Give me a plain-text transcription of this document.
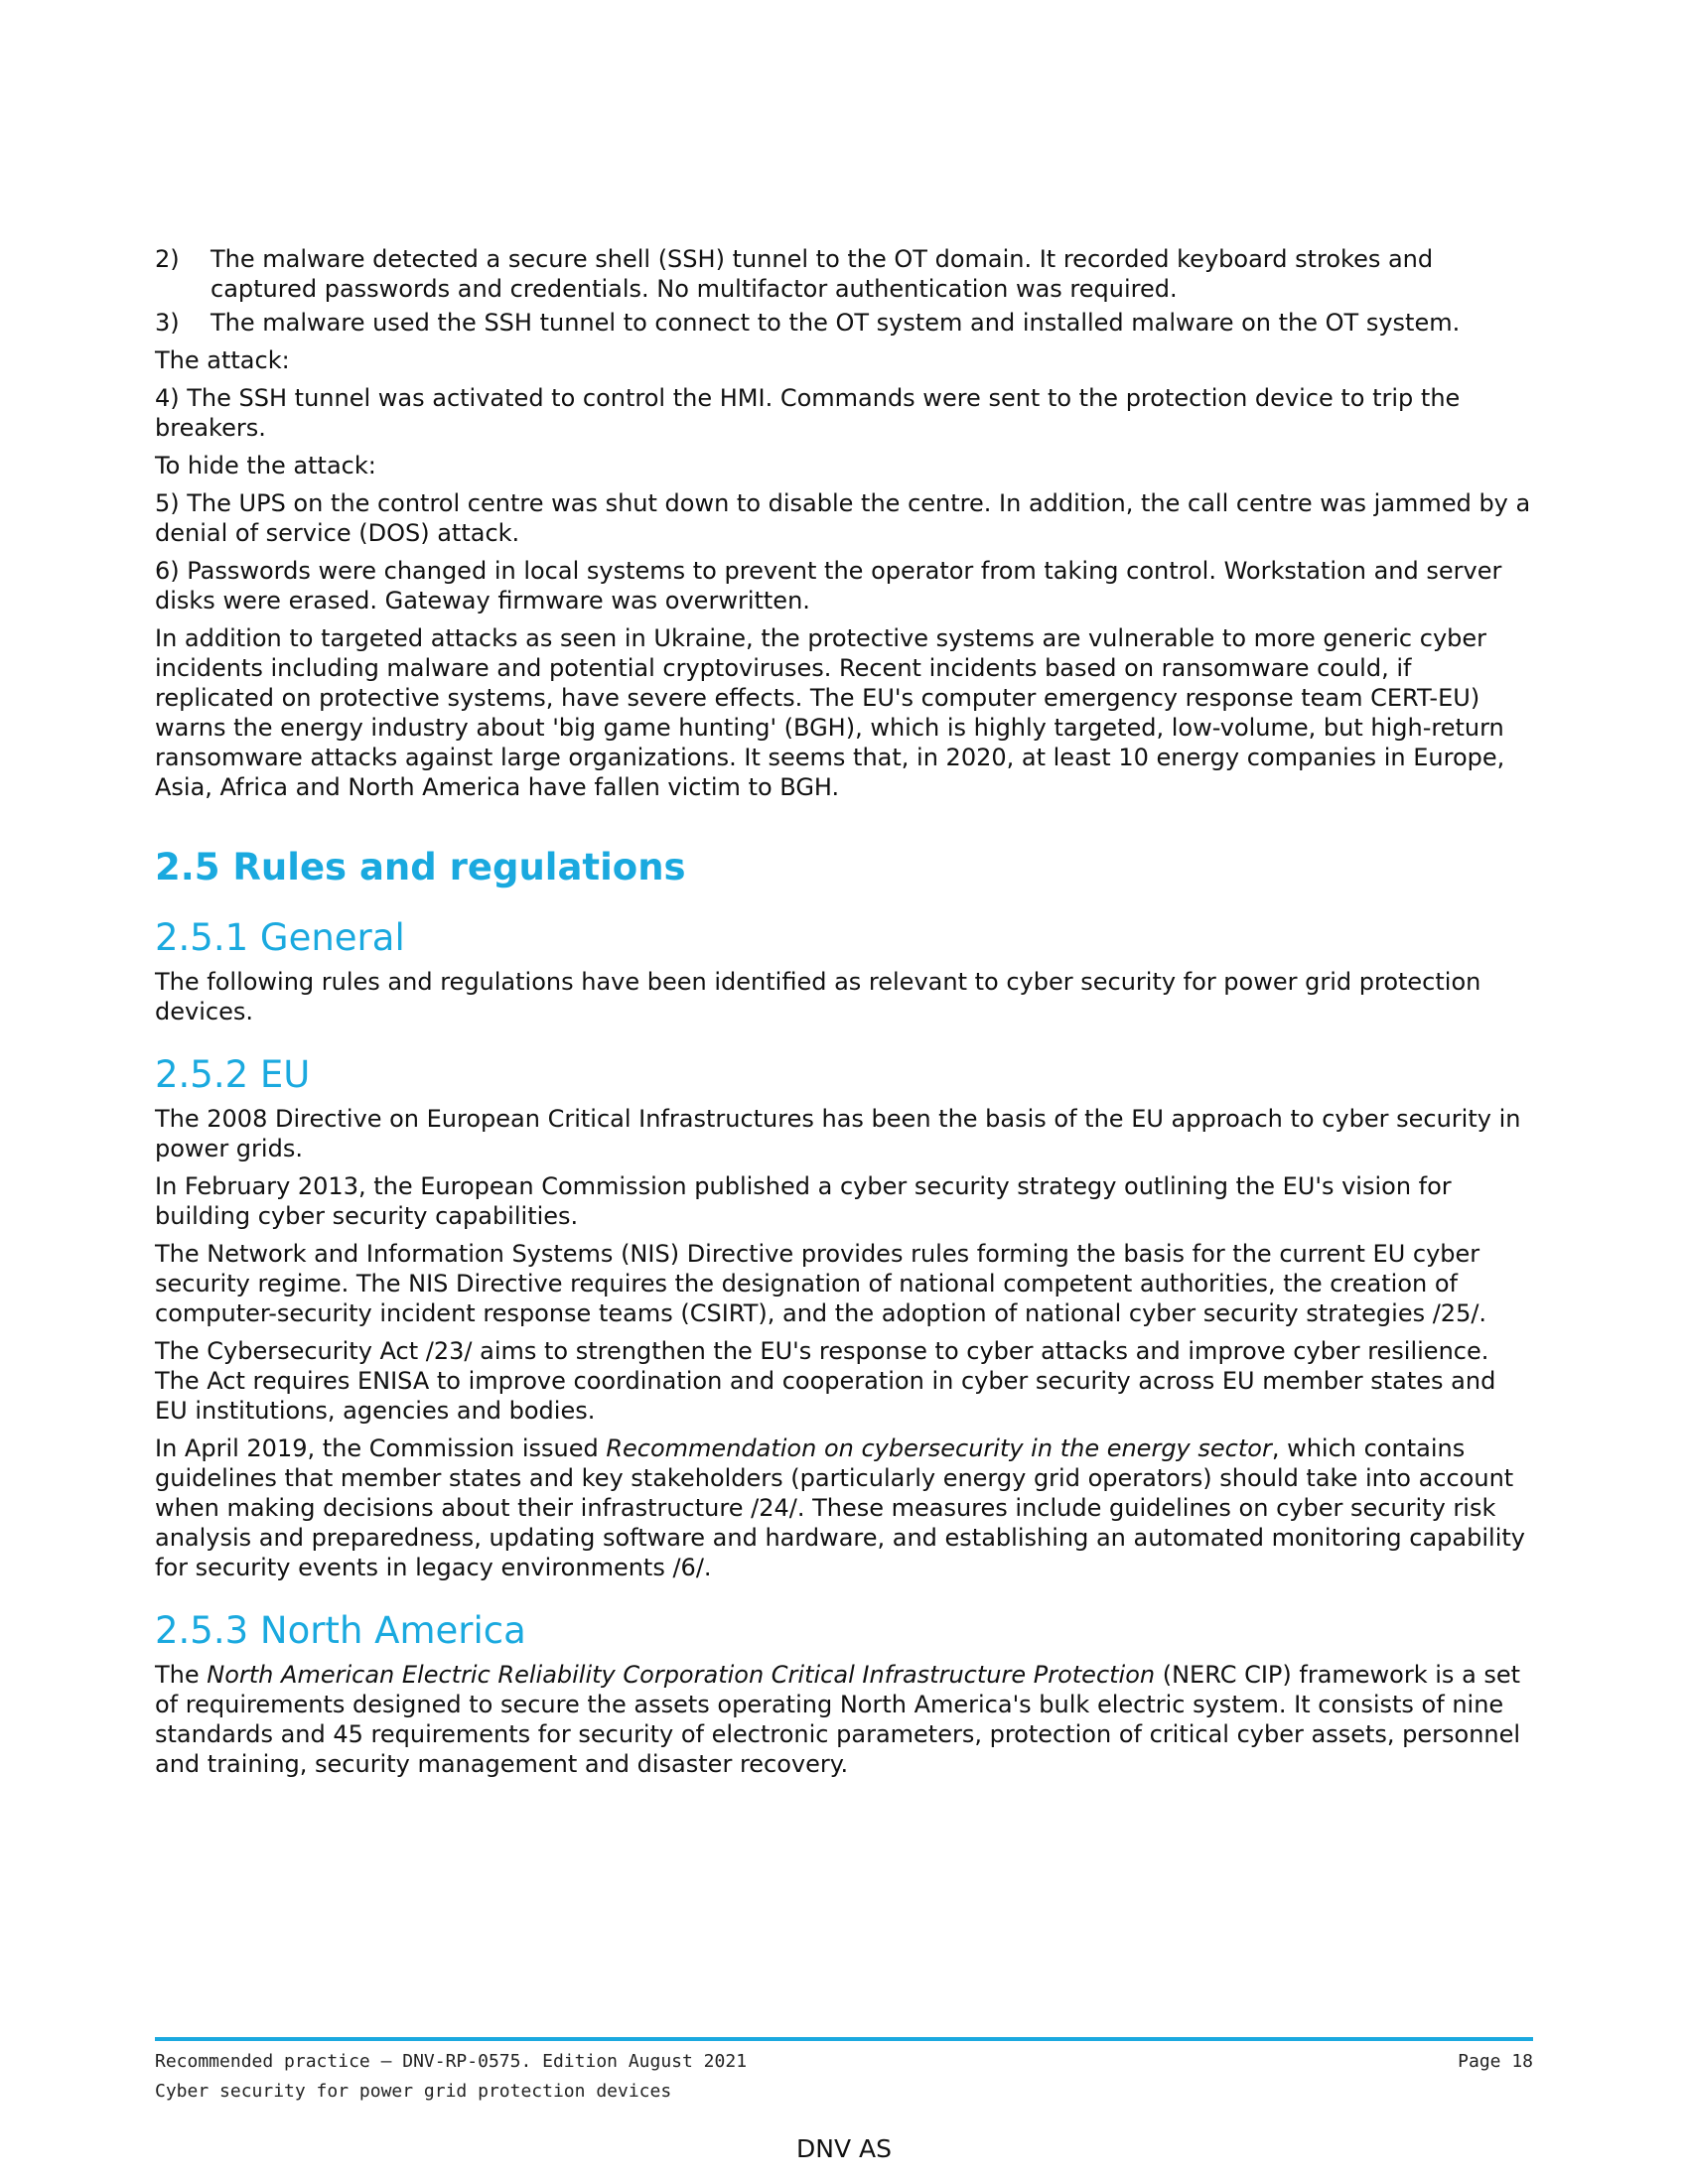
2) The malware detected a secure shell (SSH) tunnel to the OT domain. It recorded keyboard strokes and captured passwords and credentials. No multifactor authentication was required.
3) The malware used the SSH tunnel to connect to the OT system and installed malware on the OT system.

The attack:

4) The SSH tunnel was activated to control the HMI. Commands were sent to the protection device to trip the breakers.

To hide the attack:

5) The UPS on the control centre was shut down to disable the centre. In addition, the call centre was jammed by a denial of service (DOS) attack.

6) Passwords were changed in local systems to prevent the operator from taking control. Workstation and server disks were erased. Gateway firmware was overwritten.

In addition to targeted attacks as seen in Ukraine, the protective systems are vulnerable to more generic cyber incidents including malware and potential cryptoviruses. Recent incidents based on ransomware could, if replicated on protective systems, have severe effects. The EU's computer emergency response team CERT-EU) warns the energy industry about 'big game hunting' (BGH), which is highly targeted, low-volume, but high-return ransomware attacks against large organizations. It seems that, in 2020, at least 10 energy companies in Europe, Asia, Africa and North America have fallen victim to BGH.

2.5 Rules and regulations
2.5.1 General

The following rules and regulations have been identified as relevant to cyber security for power grid protection devices.

2.5.2 EU

The 2008 Directive on European Critical Infrastructures has been the basis of the EU approach to cyber security in power grids.

In February 2013, the European Commission published a cyber security strategy outlining the EU's vision for building cyber security capabilities.

The Network and Information Systems (NIS) Directive provides rules forming the basis for the current EU cyber security regime. The NIS Directive requires the designation of national competent authorities, the creation of computer-security incident response teams (CSIRT), and the adoption of national cyber security strategies /25/.

The Cybersecurity Act /23/ aims to strengthen the EU's response to cyber attacks and improve cyber resilience. The Act requires ENISA to improve coordination and cooperation in cyber security across EU member states and EU institutions, agencies and bodies.

In April 2019, the Commission issued Recommendation on cybersecurity in the energy sector, which contains guidelines that member states and key stakeholders (particularly energy grid operators) should take into account when making decisions about their infrastructure /24/. These measures include guidelines on cyber security risk analysis and preparedness, updating software and hardware, and establishing an automated monitoring capability for security events in legacy environments /6/.

2.5.3 North America

The North American Electric Reliability Corporation Critical Infrastructure Protection (NERC CIP) framework is a set of requirements designed to secure the assets operating North America's bulk electric system. It consists of nine standards and 45 requirements for security of electronic parameters, protection of critical cyber assets, personnel and training, security management and disaster recovery.

Recommended practice — DNV-RP-0575. Edition August 2021	Page 18
Cyber security for power grid protection devices
DNV AS
